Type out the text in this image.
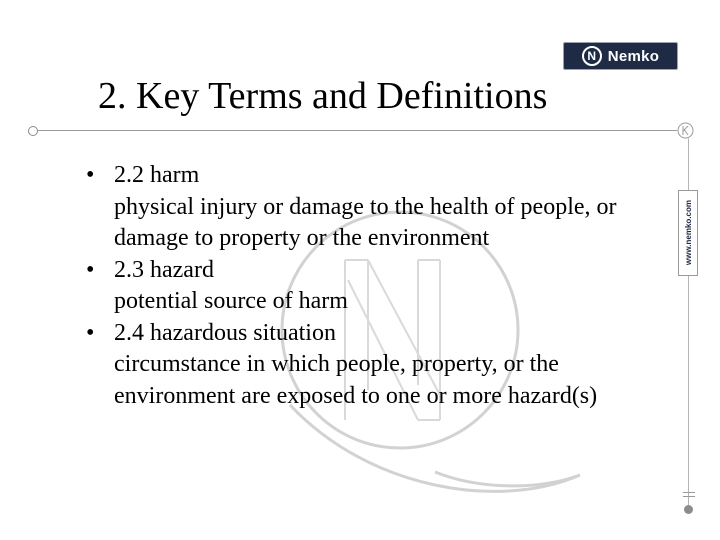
N Nemko
2. Key Terms and Definitions
www.nemko.com
• 2.2 harm
physical injury or damage to the health of people, or damage to property or the environment
• 2.3 hazard
potential source of harm
• 2.4 hazardous situation
circumstance in which people, property, or the environment are exposed to one or more hazard(s)
